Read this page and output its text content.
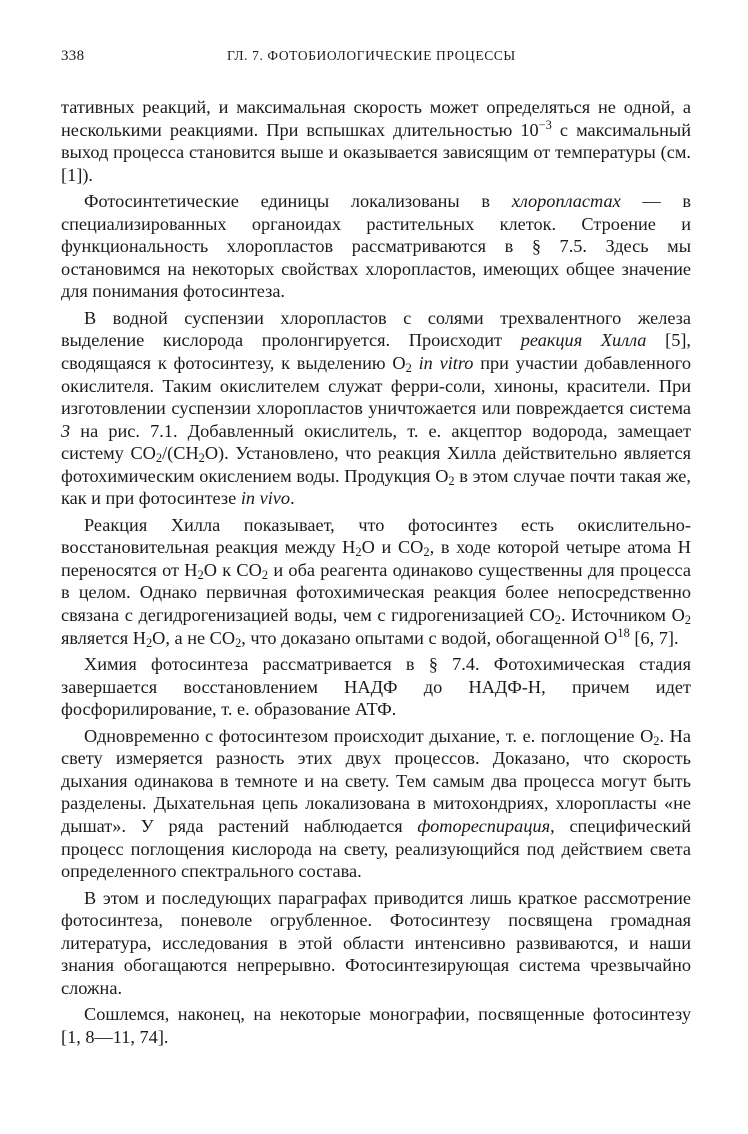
338	ГЛ. 7. ФОТОБИОЛОГИЧЕСКИЕ ПРОЦЕССЫ

тативных реакций, и максимальная скорость может определяться не одной, а несколькими реакциями. При вспышках длительностью $10^{-3}$ с максимальный выход процесса становится выше и оказывается зависящим от температуры (см. [1]).

Фотосинтетические единицы локализованы в хлоропластах — в специализированных органоидах растительных клеток. Строение и функциональность хлоропластов рассматриваются в § 7.5. Здесь мы остановимся на некоторых свойствах хлоропластов, имеющих общее значение для понимания фотосинтеза.

В водной суспензии хлоропластов с солями трехвалентного железа выделение кислорода пролонгируется. Происходит реакция Хилла [5], сводящаяся к фотосинтезу, к выделению $O_2$ in vitro при участии добавленного окислителя. Таким окислителем служат ферри-соли, хиноны, красители. При изготовлении суспензии хлоропластов уничтожается или повреждается система 3 на рис. 7.1. Добавленный окислитель, т. е. акцептор водорода, замещает систему $CO_2/(CH_2O)$. Установлено, что реакция Хилла действительно является фотохимическим окислением воды. Продукция $O_2$ в этом случае почти такая же, как и при фотосинтезе in vivo.

Реакция Хилла показывает, что фотосинтез есть окислительно-восстановительная реакция между $H_2O$ и $CO_2$, в ходе которой четыре атома H переносятся от $H_2O$ к $CO_2$ и оба реагента одинаково существенны для процесса в целом. Однако первичная фотохимическая реакция более непосредственно связана с дегидрогенизацией воды, чем с гидрогенизацией $CO_2$. Источником $O_2$ является $H_2O$, а не $CO_2$, что доказано опытами с водой, обогащенной $O^{18}$ [6, 7].

Химия фотосинтеза рассматривается в § 7.4. Фотохимическая стадия завершается восстановлением НАДФ до НАДФ-Н, причем идет фосфорилирование, т. е. образование АТФ.

Одновременно с фотосинтезом происходит дыхание, т. е. поглощение $O_2$. На свету измеряется разность этих двух процессов. Доказано, что скорость дыхания одинакова в темноте и на свету. Тем самым два процесса могут быть разделены. Дыхательная цепь локализована в митохондриях, хлоропласты «не дышат». У ряда растений наблюдается фотореспирация, специфический процесс поглощения кислорода на свету, реализующийся под действием света определенного спектрального состава.

В этом и последующих параграфах приводится лишь краткое рассмотрение фотосинтеза, поневоле огрубленное. Фотосинтезу посвящена громадная литература, исследования в этой области интенсивно развиваются, и наши знания обогащаются непрерывно. Фотосинтезирующая система чрезвычайно сложна.

Сошлемся, наконец, на некоторые монографии, посвященные фотосинтезу [1, 8—11, 74].
